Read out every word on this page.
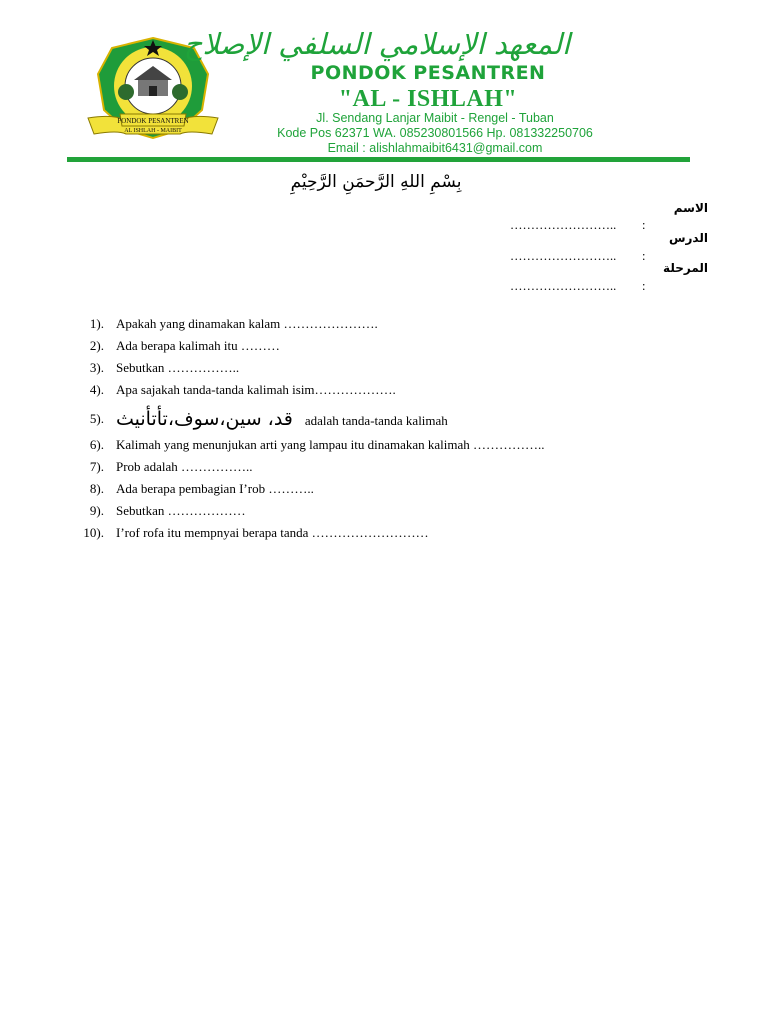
PONDOK PESANTREN
AL ISHLAH - MAIBIT
المعهد الإسلامي السلفي الإصلاح
PONDOK PESANTREN
"AL - ISHLAH"
Jl. Sendang Lanjar Maibit - Rengel - Tuban
Kode Pos 62371 WA. 085230801566 Hp. 081332250706
Email : alishlahmaibit6431@gmail.com
بِسْمِ اللهِ الرَّحمَنِ الرَّحِيْمِ
…………………….. :
الاسم
…………………….. :
الدرس
…………………….. :
المرحلة
1). Apakah yang dinamakan kalam ………………….
2). Ada berapa kalimah itu ………
3). Sebutkan ……………..
4). Apa sajakah tanda-tanda kalimah isim……………….
5). قد، سين،سوف،تأتأنيث adalah tanda-tanda kalimah
6). Kalimah yang menunjukan arti yang lampau itu dinamakan kalimah ……………..
7). Prob adalah ……………..
8). Ada berapa pembagian I’rob ………..
9). Sebutkan ………………
10). I’rof rofa itu mempnyai berapa tanda ………………………
